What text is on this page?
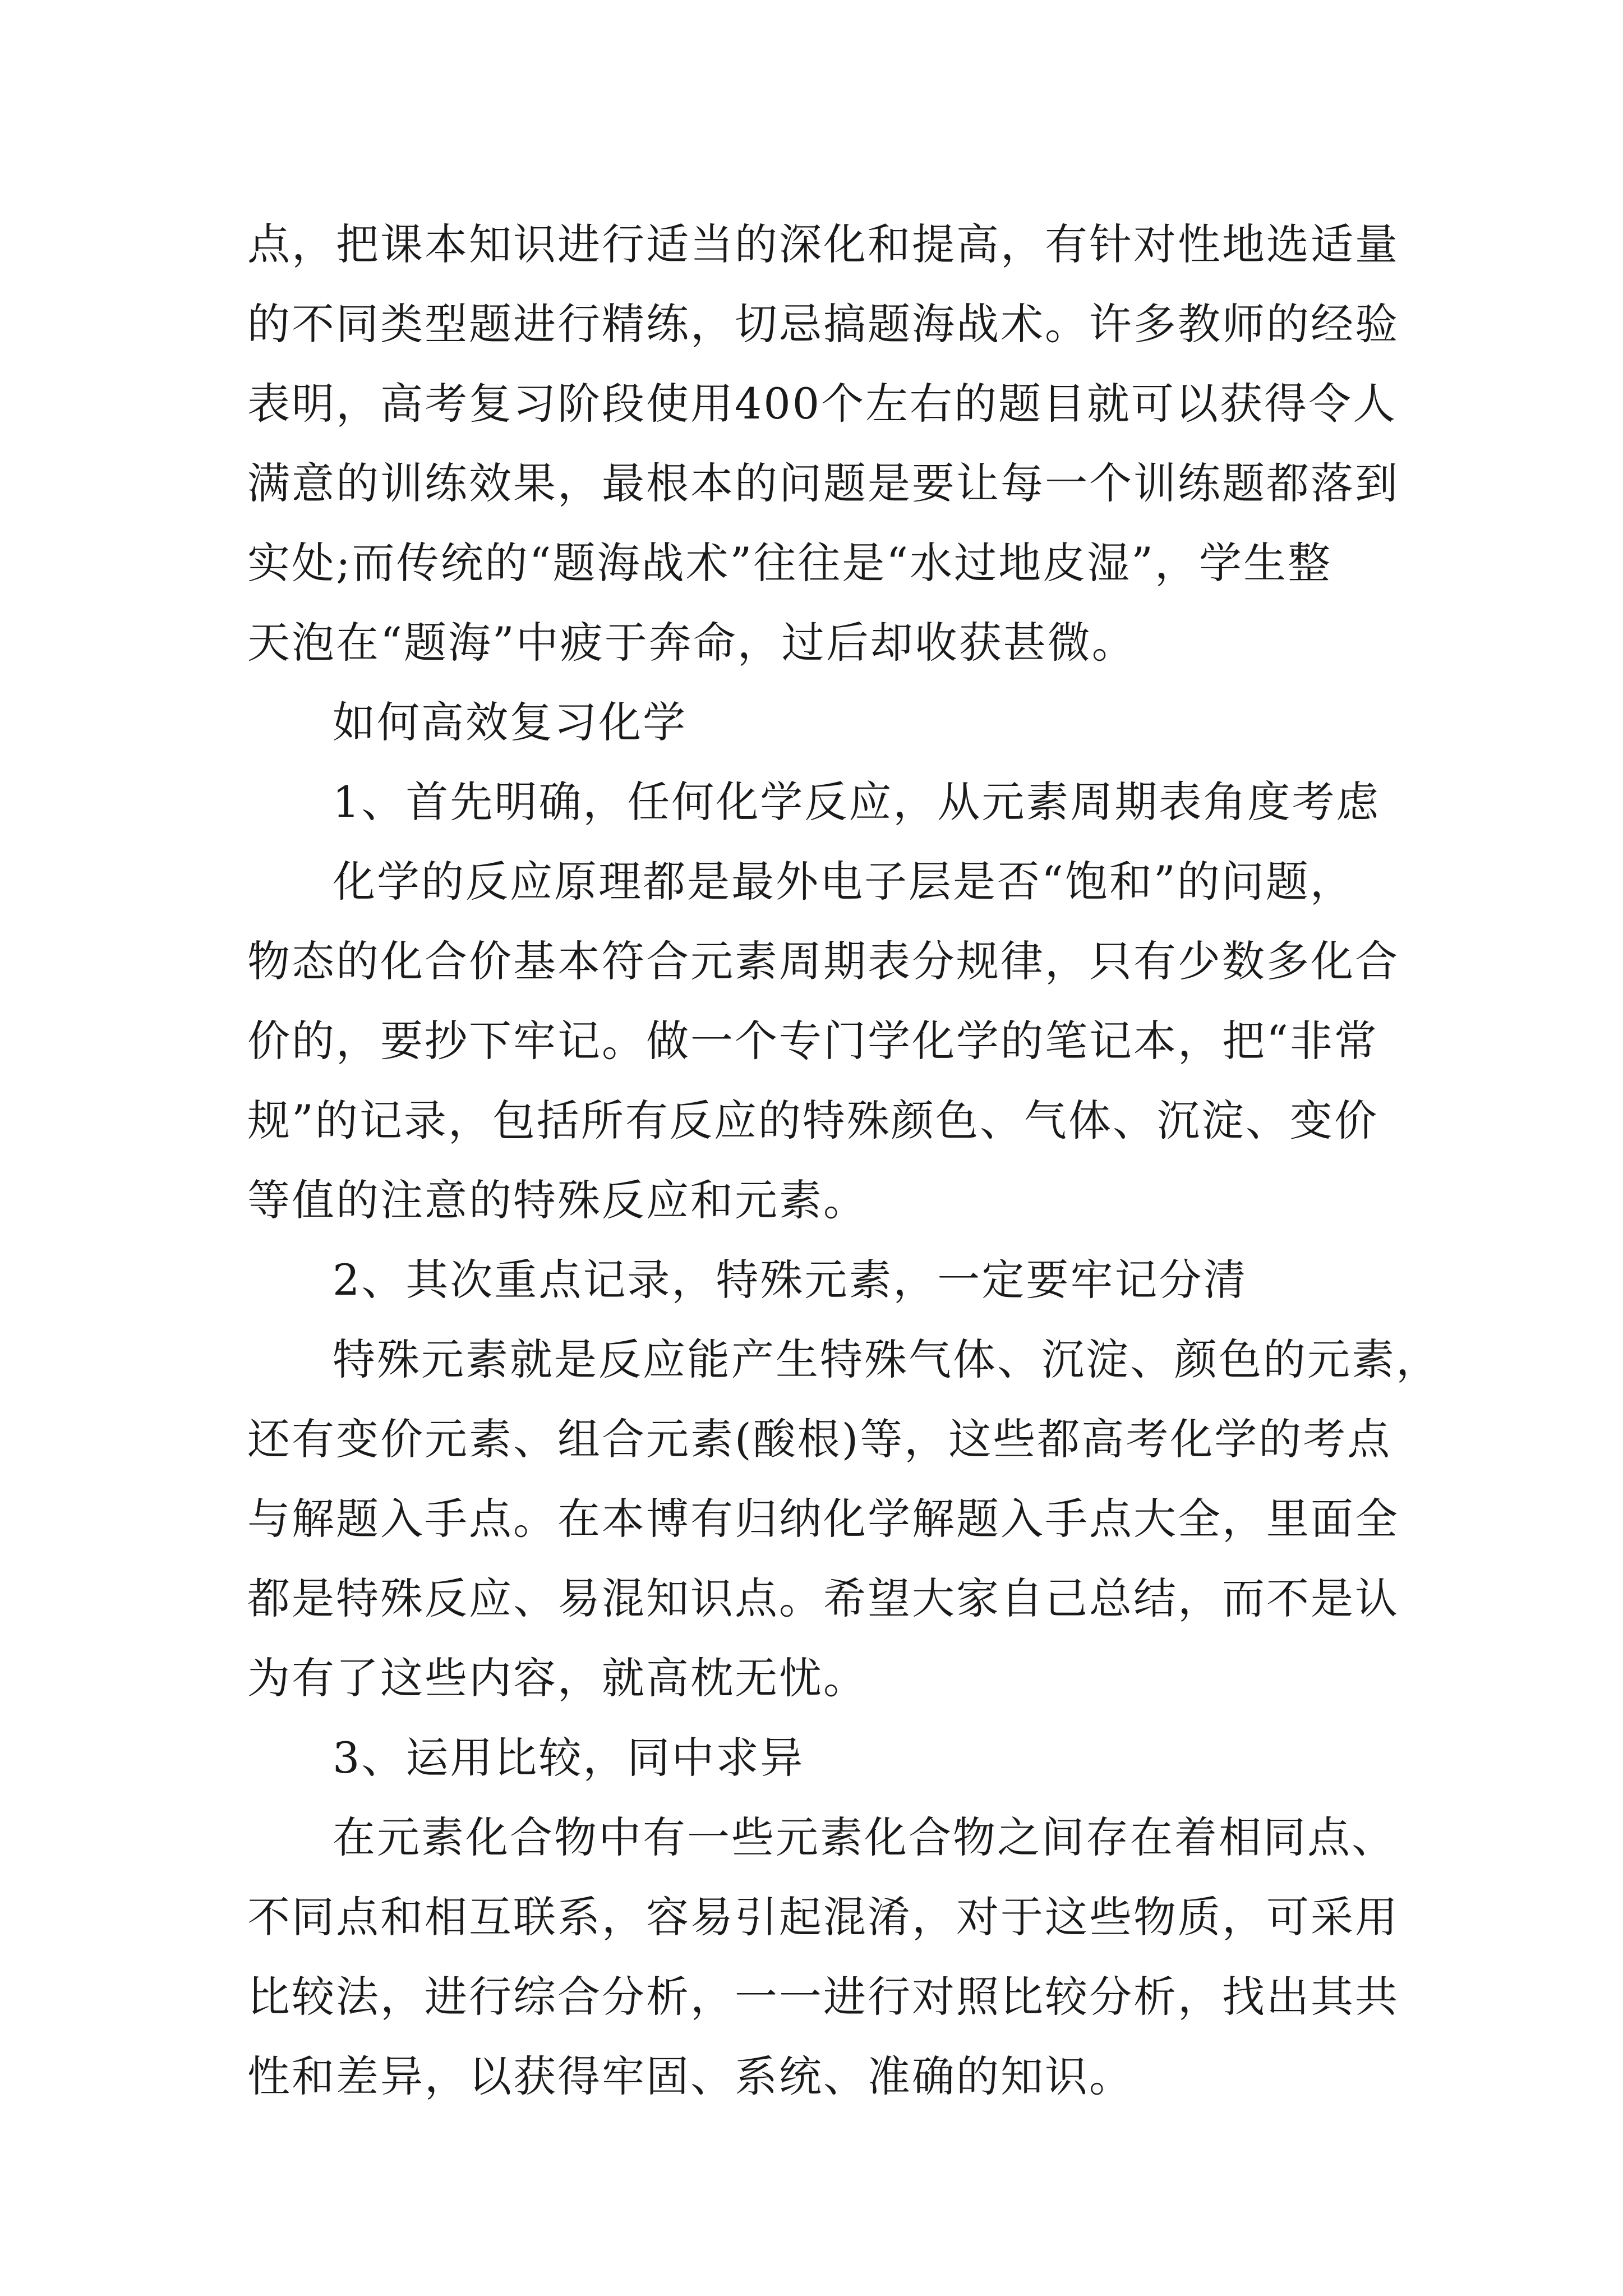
点，把课本知识进行适当的深化和提高，有针对性地选适量
的不同类型题进行精练，切忌搞题海战术。许多教师的经验
表明，高考复习阶段使用400个左右的题目就可以获得令人
满意的训练效果，最根本的问题是要让每一个训练题都落到
实处;而传统的“题海战术”往往是“水过地皮湿”，学生整
天泡在“题海”中疲于奔命，过后却收获甚微。
如何高效复习化学
1、首先明确，任何化学反应，从元素周期表角度考虑
化学的反应原理都是最外电子层是否“饱和”的问题，
物态的化合价基本符合元素周期表分规律，只有少数多化合
价的，要抄下牢记。做一个专门学化学的笔记本，把“非常
规”的记录，包括所有反应的特殊颜色、气体、沉淀、变价
等值的注意的特殊反应和元素。
2、其次重点记录，特殊元素，一定要牢记分清
特殊元素就是反应能产生特殊气体、沉淀、颜色的元素，
还有变价元素、组合元素(酸根)等，这些都高考化学的考点
与解题入手点。在本博有归纳化学解题入手点大全，里面全
都是特殊反应、易混知识点。希望大家自己总结，而不是认
为有了这些内容，就高枕无忧。
3、运用比较，同中求异
在元素化合物中有一些元素化合物之间存在着相同点、
不同点和相互联系，容易引起混淆，对于这些物质，可采用
比较法，进行综合分析，一一进行对照比较分析，找出其共
性和差异，以获得牢固、系统、准确的知识。
